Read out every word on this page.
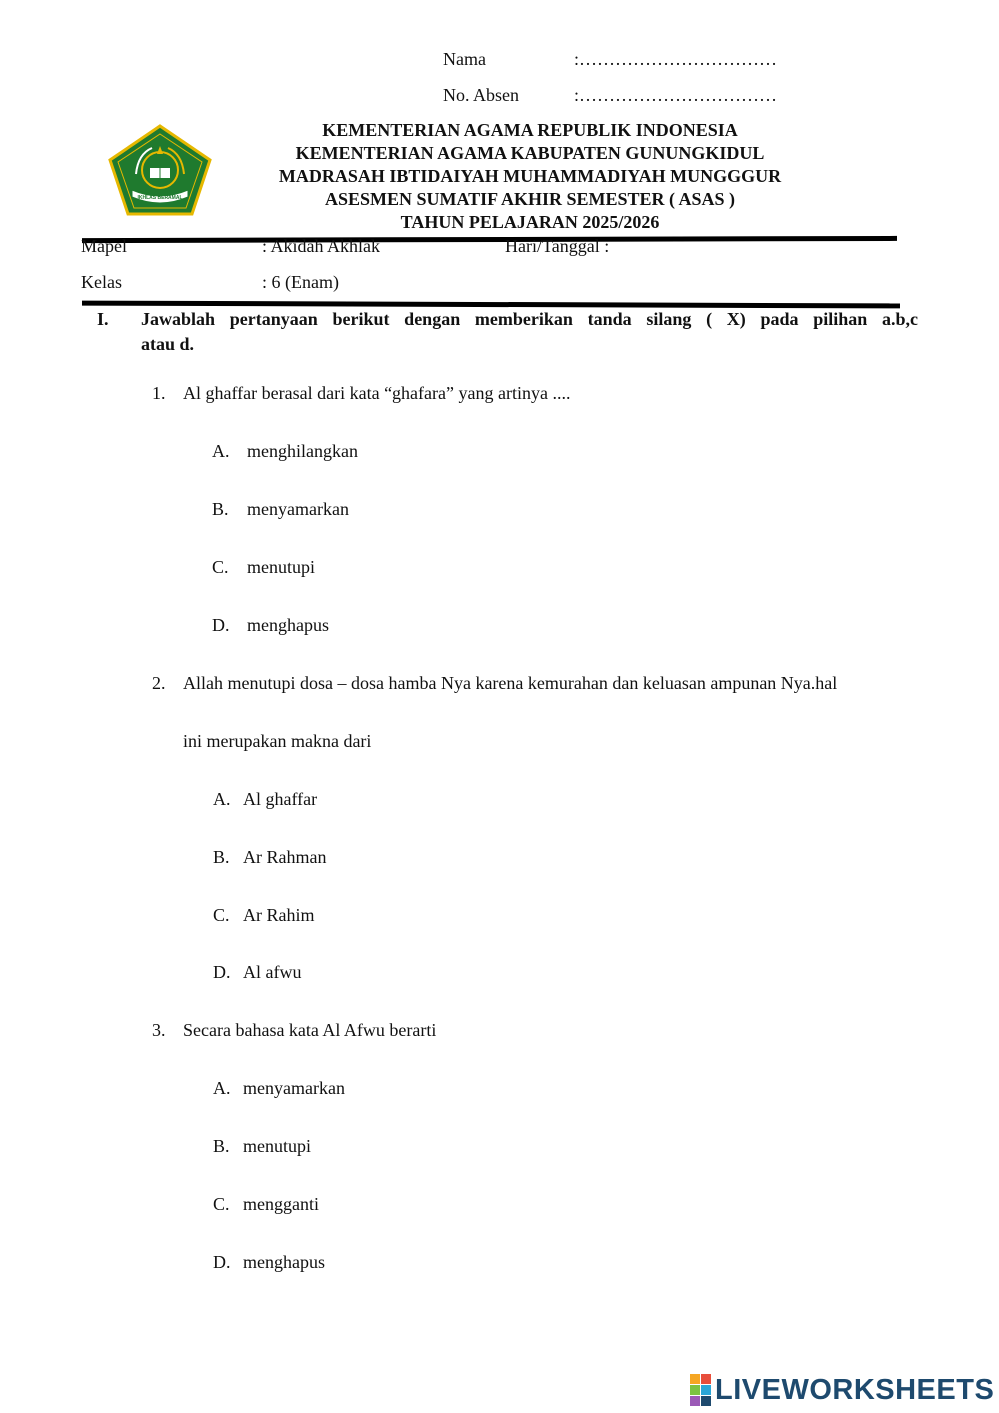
Nama	:……………………………
No. Absen	:……………………………
IKHLAS BERAMAL
KEMENTERIAN AGAMA REPUBLIK INDONESIA
KEMENTERIAN AGAMA KABUPATEN GUNUNGKIDUL
MADRASAH IBTIDAIYAH MUHAMMADIYAH MUNGGGUR
ASESMEN SUMATIF AKHIR SEMESTER ( ASAS )
TAHUN PELAJARAN 2025/2026
Mapel	: Akidah Akhlak	Hari/Tanggal :
Kelas	: 6 (Enam)
I. Jawablah pertanyaan berikut dengan memberikan tanda silang ( X) pada pilihan a.b,c
atau d.
1. Al ghaffar berasal dari kata “ghafara” yang artinya ....
A. menghilangkan
B. menyamarkan
C. menutupi
D. menghapus
2. Allah menutupi dosa – dosa hamba Nya karena kemurahan dan keluasan ampunan Nya.hal
ini merupakan makna dari
A. Al ghaffar
B. Ar Rahman
C. Ar Rahim
D. Al afwu
3. Secara bahasa kata Al Afwu berarti
A. menyamarkan
B. menutupi
C. mengganti
D. menghapus
LIVEWORKSHEETS
